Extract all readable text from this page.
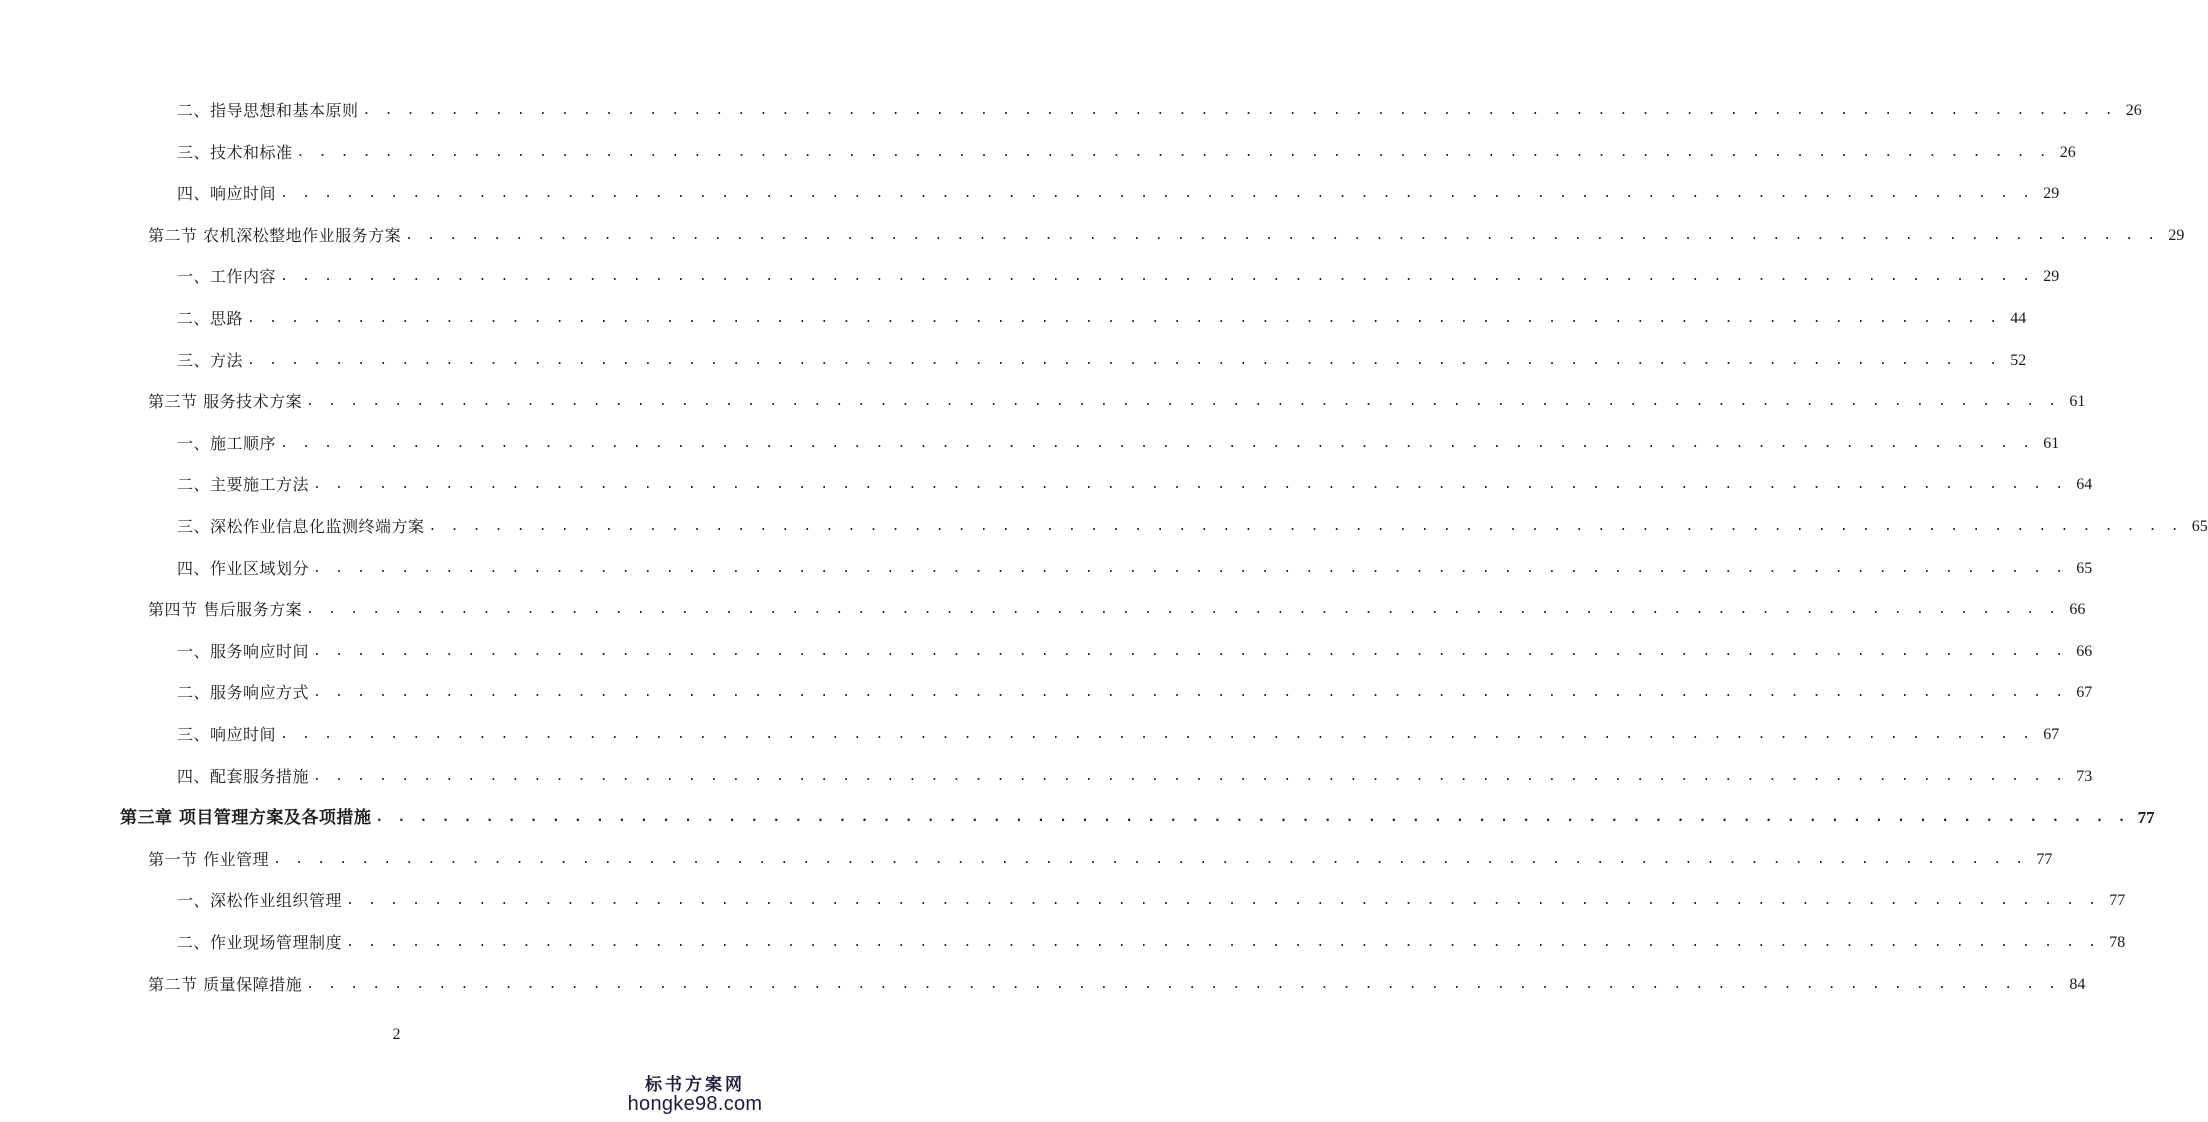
二、指导思想和基本原则 . . . . . . . . . . . . . . . . . . . . . . . . . . . . . . . . . . . . . . . . . . . . . . . . . . . . . . . . . . . . . . . . . . . . . . . . . . . . . . . . 26
三、技术和标准 . . . . . . . . . . . . . . . . . . . . . . . . . . . . . . . . . . . . . . . . . . . . . . . . . . . . . . . . . . . . . . . . . . . . . . . . . . . . . . . . 26
四、响应时间 . . . . . . . . . . . . . . . . . . . . . . . . . . . . . . . . . . . . . . . . . . . . . . . . . . . . . . . . . . . . . . . . . . . . . . . . . . . . . . . . 29
第二节 农机深松整地作业服务方案 . . . . . . . . . . . . . . . . . . . . . . . . . . . . . . . . . . . . . . . . . . . . . . . . . . . . . . . . . . . . . . . . . . . . . . . . . . . . . . . . 29
一、工作内容 . . . . . . . . . . . . . . . . . . . . . . . . . . . . . . . . . . . . . . . . . . . . . . . . . . . . . . . . . . . . . . . . . . . . . . . . . . . . . . . . 29
二、思路 . . . . . . . . . . . . . . . . . . . . . . . . . . . . . . . . . . . . . . . . . . . . . . . . . . . . . . . . . . . . . . . . . . . . . . . . . . . . . . . . 44
三、方法 . . . . . . . . . . . . . . . . . . . . . . . . . . . . . . . . . . . . . . . . . . . . . . . . . . . . . . . . . . . . . . . . . . . . . . . . . . . . . . . . 52
第三节 服务技术方案 . . . . . . . . . . . . . . . . . . . . . . . . . . . . . . . . . . . . . . . . . . . . . . . . . . . . . . . . . . . . . . . . . . . . . . . . . . . . . . . . 61
一、施工顺序 . . . . . . . . . . . . . . . . . . . . . . . . . . . . . . . . . . . . . . . . . . . . . . . . . . . . . . . . . . . . . . . . . . . . . . . . . . . . . . . . 61
二、主要施工方法 . . . . . . . . . . . . . . . . . . . . . . . . . . . . . . . . . . . . . . . . . . . . . . . . . . . . . . . . . . . . . . . . . . . . . . . . . . . . . . . . 64
三、深松作业信息化监测终端方案 . . . . . . . . . . . . . . . . . . . . . . . . . . . . . . . . . . . . . . . . . . . . . . . . . . . . . . . . . . . . . . . . . . . . . . . . . . . . . . . . 65
四、作业区域划分 . . . . . . . . . . . . . . . . . . . . . . . . . . . . . . . . . . . . . . . . . . . . . . . . . . . . . . . . . . . . . . . . . . . . . . . . . . . . . . . . 65
第四节 售后服务方案 . . . . . . . . . . . . . . . . . . . . . . . . . . . . . . . . . . . . . . . . . . . . . . . . . . . . . . . . . . . . . . . . . . . . . . . . . . . . . . . . 66
一、服务响应时间 . . . . . . . . . . . . . . . . . . . . . . . . . . . . . . . . . . . . . . . . . . . . . . . . . . . . . . . . . . . . . . . . . . . . . . . . . . . . . . . . 66
二、服务响应方式 . . . . . . . . . . . . . . . . . . . . . . . . . . . . . . . . . . . . . . . . . . . . . . . . . . . . . . . . . . . . . . . . . . . . . . . . . . . . . . . . 67
三、响应时间 . . . . . . . . . . . . . . . . . . . . . . . . . . . . . . . . . . . . . . . . . . . . . . . . . . . . . . . . . . . . . . . . . . . . . . . . . . . . . . . . 67
四、配套服务措施 . . . . . . . . . . . . . . . . . . . . . . . . . . . . . . . . . . . . . . . . . . . . . . . . . . . . . . . . . . . . . . . . . . . . . . . . . . . . . . . . 73
第三章 项目管理方案及各项措施 . . . . . . . . . . . . . . . . . . . . . . . . . . . . . . . . . . . . . . . . . . . . . . . . . . . . . . . . . . . . . . . . . . . . . . . . . . . . . . . . 77
第一节 作业管理 . . . . . . . . . . . . . . . . . . . . . . . . . . . . . . . . . . . . . . . . . . . . . . . . . . . . . . . . . . . . . . . . . . . . . . . . . . . . . . . . 77
一、深松作业组织管理 . . . . . . . . . . . . . . . . . . . . . . . . . . . . . . . . . . . . . . . . . . . . . . . . . . . . . . . . . . . . . . . . . . . . . . . . . . . . . . . . 77
二、作业现场管理制度 . . . . . . . . . . . . . . . . . . . . . . . . . . . . . . . . . . . . . . . . . . . . . . . . . . . . . . . . . . . . . . . . . . . . . . . . . . . . . . . . 78
第二节 质量保障措施 . . . . . . . . . . . . . . . . . . . . . . . . . . . . . . . . . . . . . . . . . . . . . . . . . . . . . . . . . . . . . . . . . . . . . . . . . . . . . . . . 84
2
标书方案网
hongke98.com
